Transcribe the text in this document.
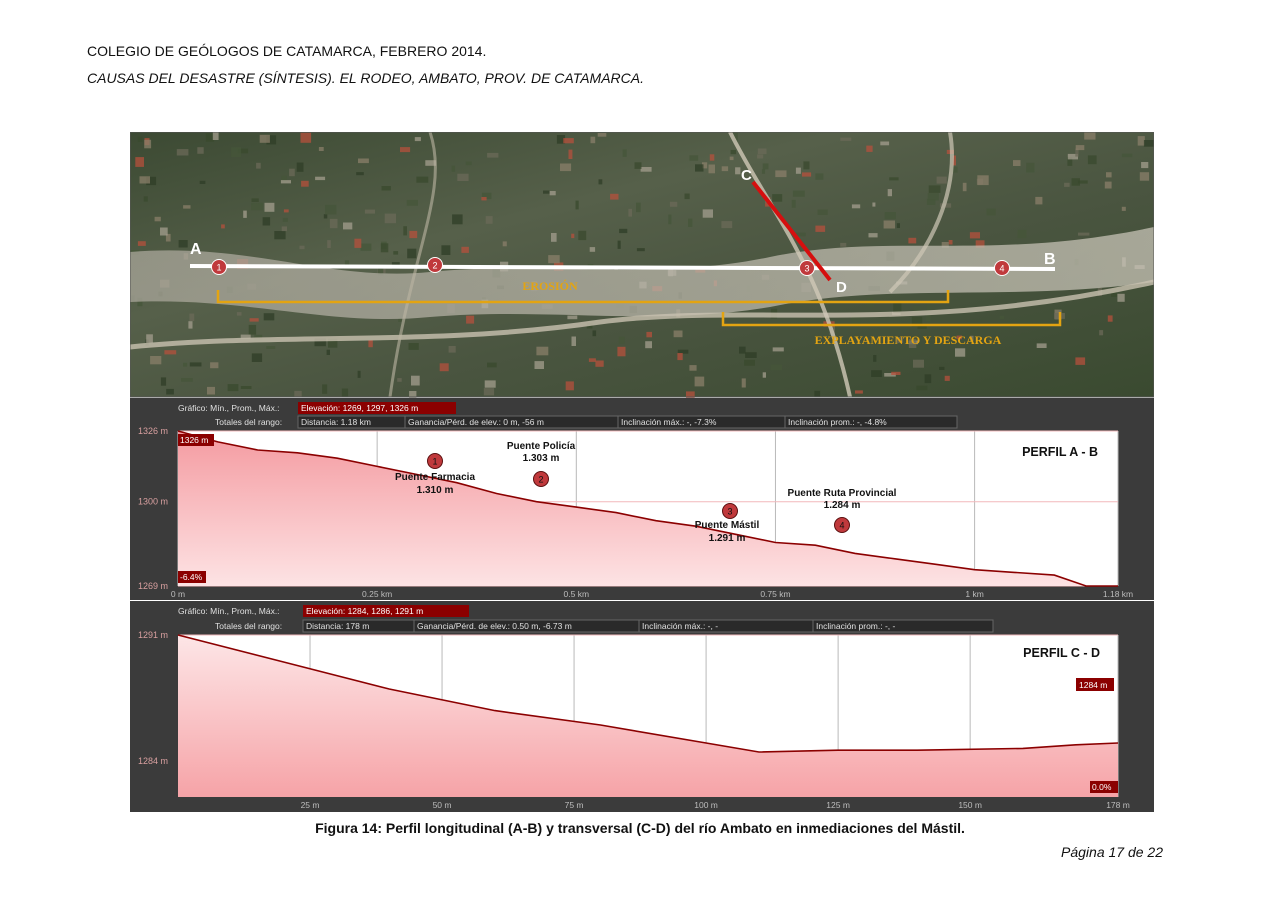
COLEGIO DE GEÓLOGOS DE CATAMARCA, FEBRERO 2014.
CAUSAS DEL DESASTRE (SÍNTESIS). EL RODEO, AMBATO, PROV. DE CATAMARCA.
A
B
C
D
1	2	3	4
EROSIÓN
EXPLAYAMIENTO Y DESCARGA
Gráfico: Mín., Prom., Máx.:	Elevación: 1269, 1297, 1326 m
Totales del rango: Distancia: 1.18 km	Ganancia/Pérd. de elev.: 0 m, -56 m	Inclinación máx.: -, -7.3%	Inclinación prom.: -, -4.8%
1326 m
1300 m
1269 m
0 m	0.25 km	0.5 km	0.75 km	1 km	1.18 km
PERFIL A - B
1326 m
-6.4%
1
Puente Farmacia
1.310 m
2
Puente Policía
1.303 m
3
Puente Mástil
1.291 m
4
Puente Ruta Provincial
1.284 m
Gráfico: Mín., Prom., Máx.:	Elevación: 1284, 1286, 1291 m
Totales del rango:	Distancia: 178 m	Ganancia/Pérd. de elev.: 0.50 m, -6.73 m	Inclinación máx.: -, -	Inclinación prom.: -, -
1291 m
1284 m
25 m	50 m	75 m	100 m	125 m	150 m	178 m
PERFIL C - D
1284 m
0.0%
Figura 14: Perfil longitudinal (A-B) y transversal (C-D) del río Ambato en inmediaciones del Mástil.
Página 17 de 22
